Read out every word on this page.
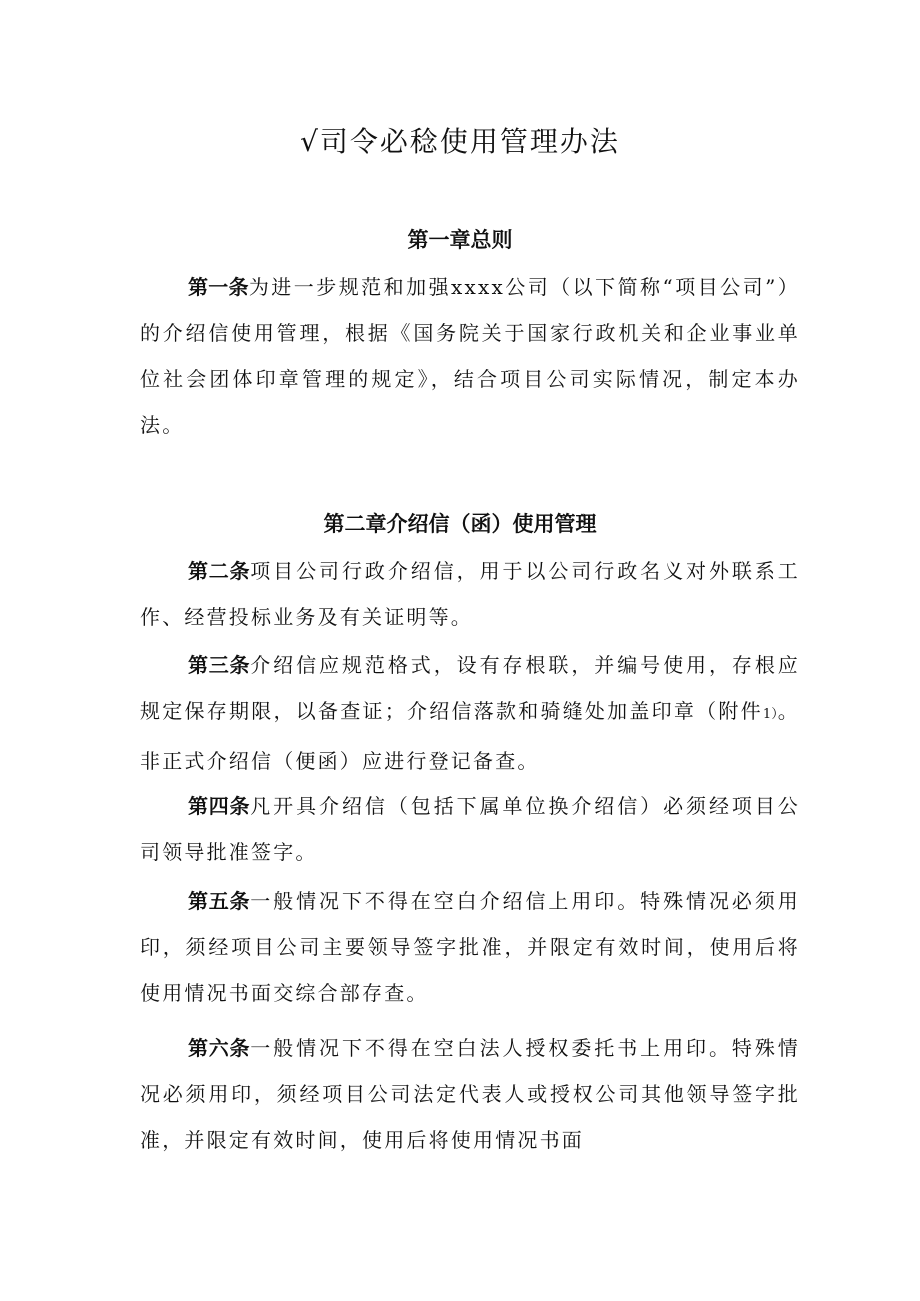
√司令必稔使用管理办法
第一章总则

第一条为进一步规范和加强xxxx公司（以下简称“项目公司”）的介绍信使用管理，根据《国务院关于国家行政机关和企业事业单位社会团体印章管理的规定》，结合项目公司实际情况，制定本办法。

第二章介绍信（函）使用管理

第二条项目公司行政介绍信，用于以公司行政名义对外联系工作、经营投标业务及有关证明等。

第三条介绍信应规范格式，设有存根联，并编号使用，存根应规定保存期限，以备查证；介绍信落款和骑缝处加盖印章（附件1）。非正式介绍信（便函）应进行登记备查。

第四条凡开具介绍信（包括下属单位换介绍信）必须经项目公司领导批准签字。

第五条一般情况下不得在空白介绍信上用印。特殊情况必须用印，须经项目公司主要领导签字批准，并限定有效时间，使用后将使用情况书面交综合部存查。

第六条一般情况下不得在空白法人授权委托书上用印。特殊情况必须用印，须经项目公司法定代表人或授权公司其他领导签字批准，并限定有效时间，使用后将使用情况书面
